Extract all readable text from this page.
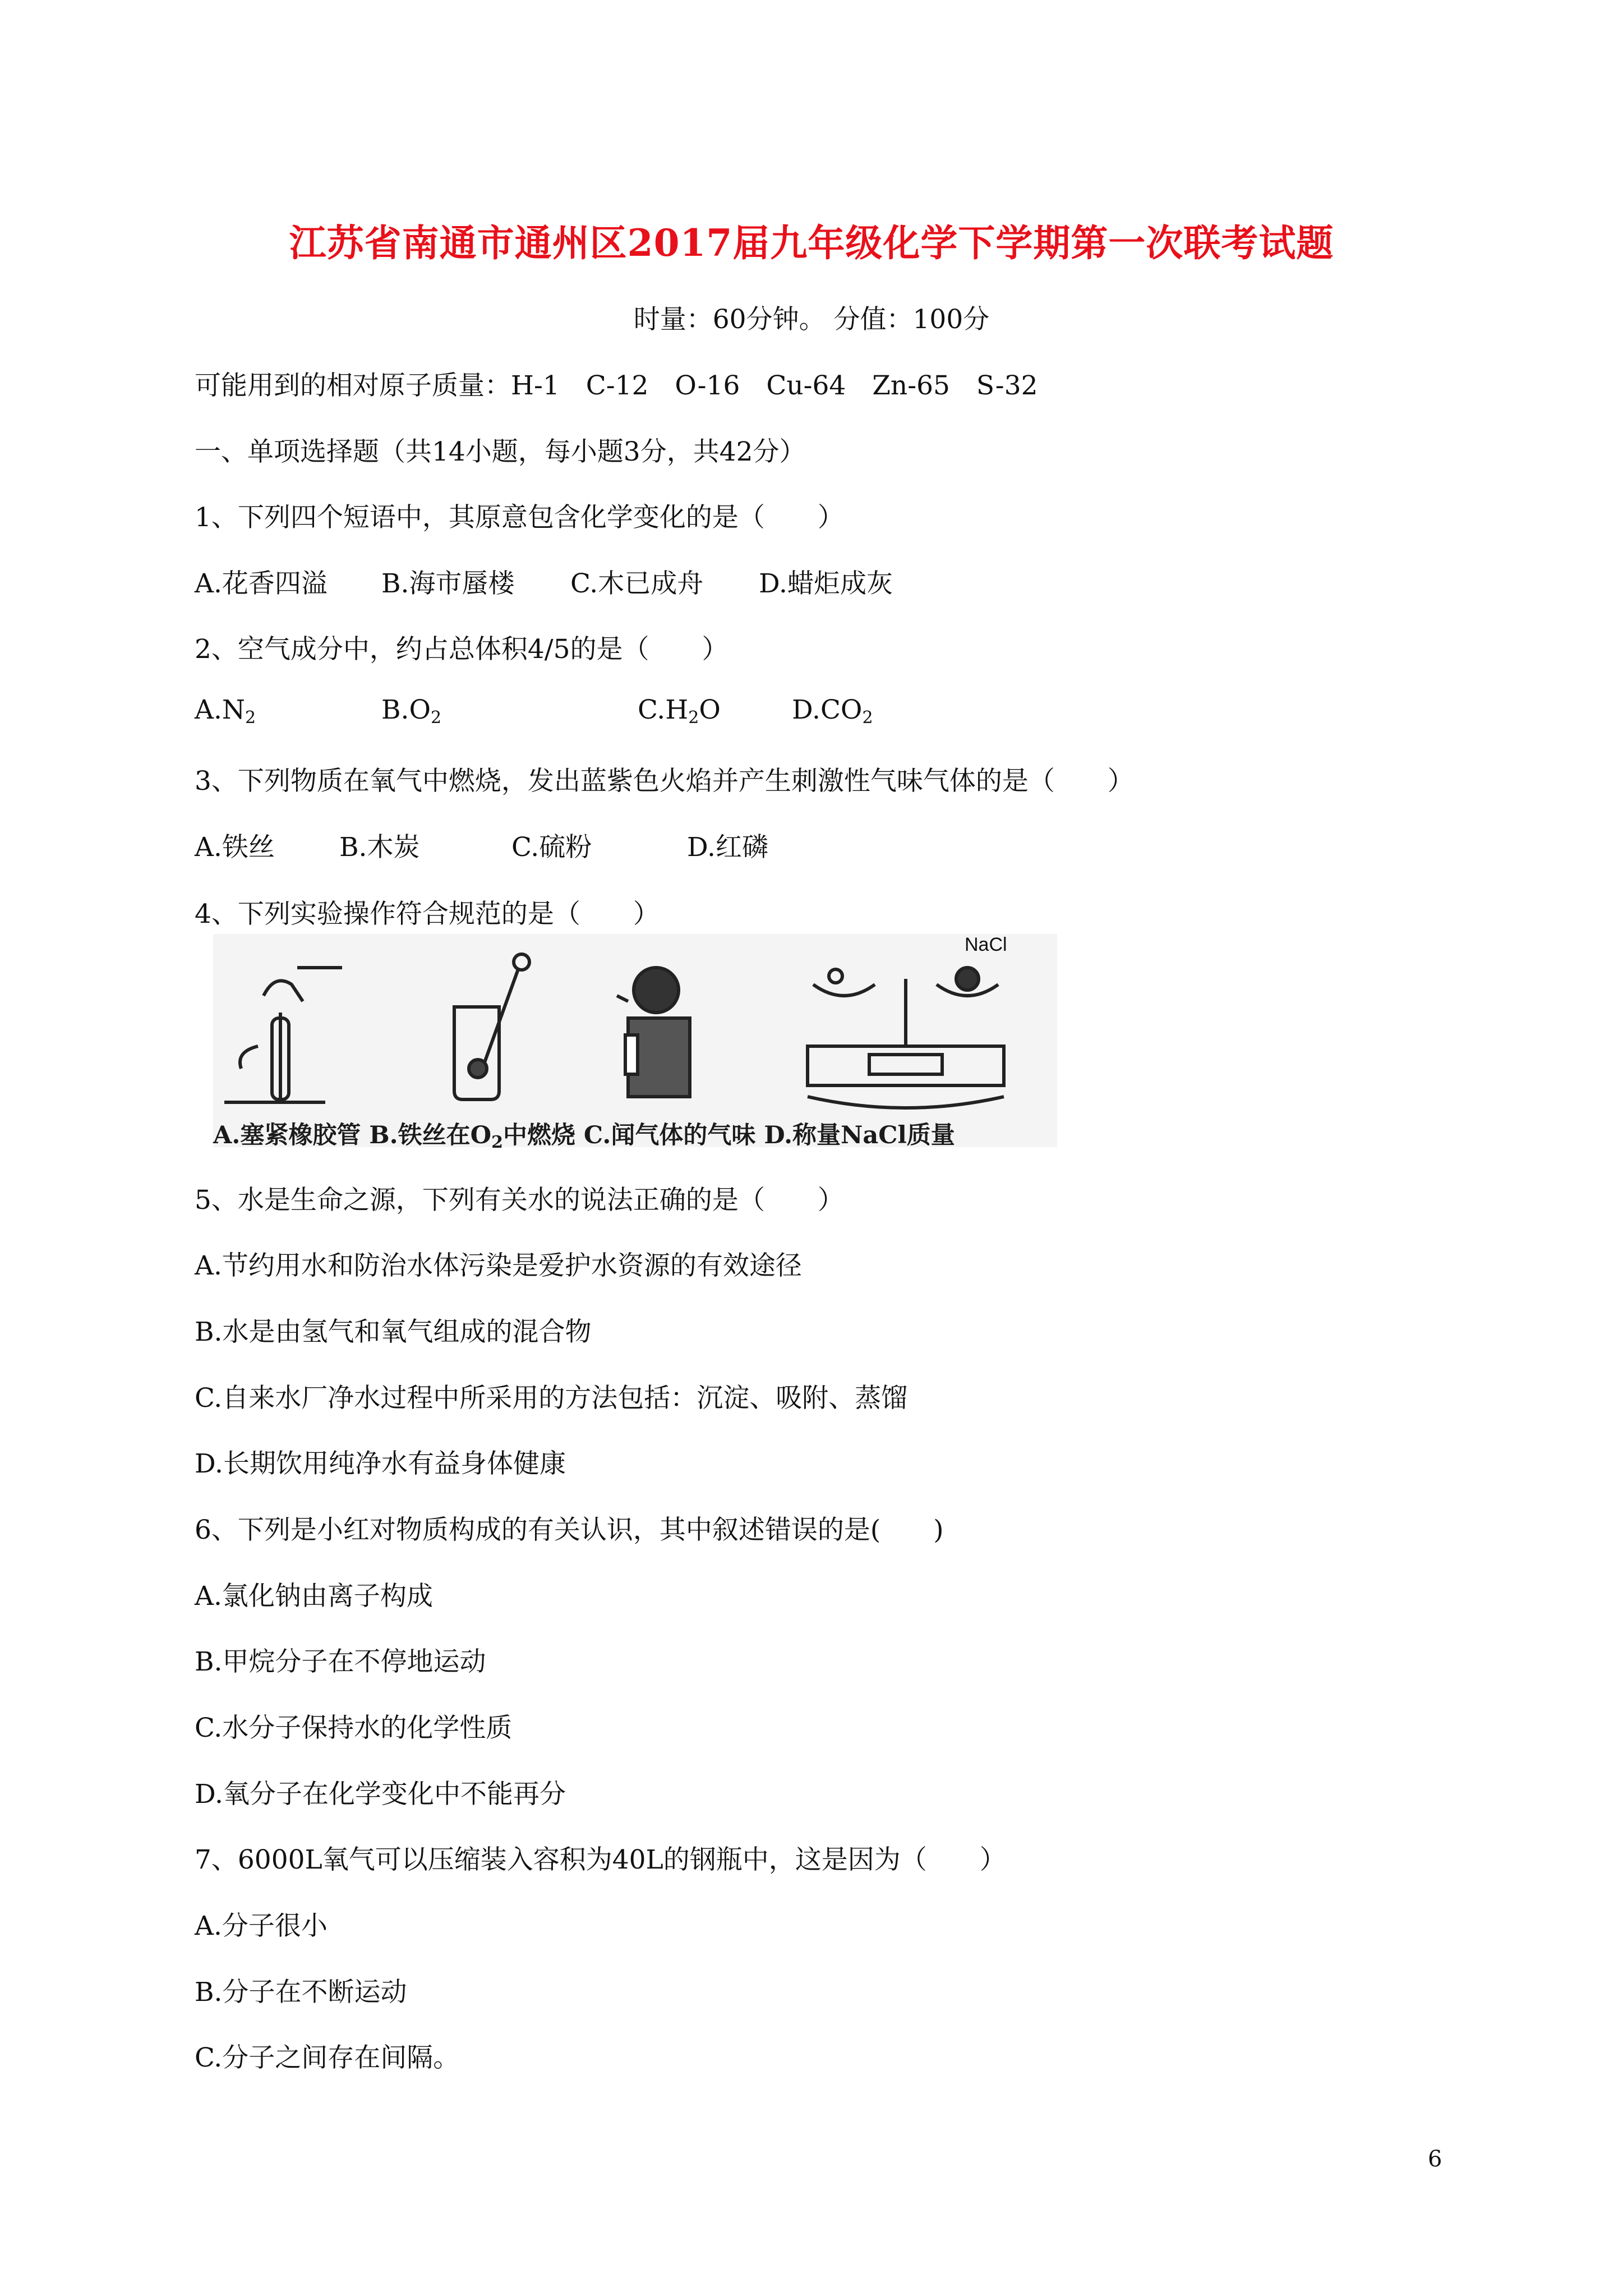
江苏省南通市通州区2017届九年级化学下学期第一次联考试题
时量：60分钟。 分值：100分
可能用到的相对原子质量：H-1　C-12　O-16　Cu-64　Zn-65　S-32
一、单项选择题（共14小题，每小题3分，共42分）
1、下列四个短语中，其原意包含化学变化的是（　　）
A.花香四溢 B.海市蜃楼 C.木已成舟 D.蜡炬成灰
2、空气成分中，约占总体积4/5的是（　　）
$A.N_2$	$B.O_2$	$C.H_2O$	$D.CO_2$
3、下列物质在氧气中燃烧，发出蓝紫色火焰并产生刺激性气味气体的是（　　）
A.铁丝 B.木炭	C.硫粉	D.红磷
4、下列实验操作符合规范的是（　　）
NaCl
A.塞紧橡胶管 B.铁丝在$O_2$中燃烧 C.闻气体的气味 D.称量NaCl质量
5、水是生命之源，下列有关水的说法正确的是（　　）
A.节约用水和防治水体污染是爱护水资源的有效途径
B.水是由氢气和氧气组成的混合物
C.自来水厂净水过程中所采用的方法包括：沉淀、吸附、蒸馏
D.长期饮用纯净水有益身体健康
6、下列是小红对物质构成的有关认识，其中叙述错误的是(　　)
A.氯化钠由离子构成
B.甲烷分子在不停地运动
C.水分子保持水的化学性质
D.氧分子在化学变化中不能再分
7、6000L氧气可以压缩装入容积为40L的钢瓶中，这是因为（　　）
A.分子很小
B.分子在不断运动
C.分子之间存在间隔。
6
